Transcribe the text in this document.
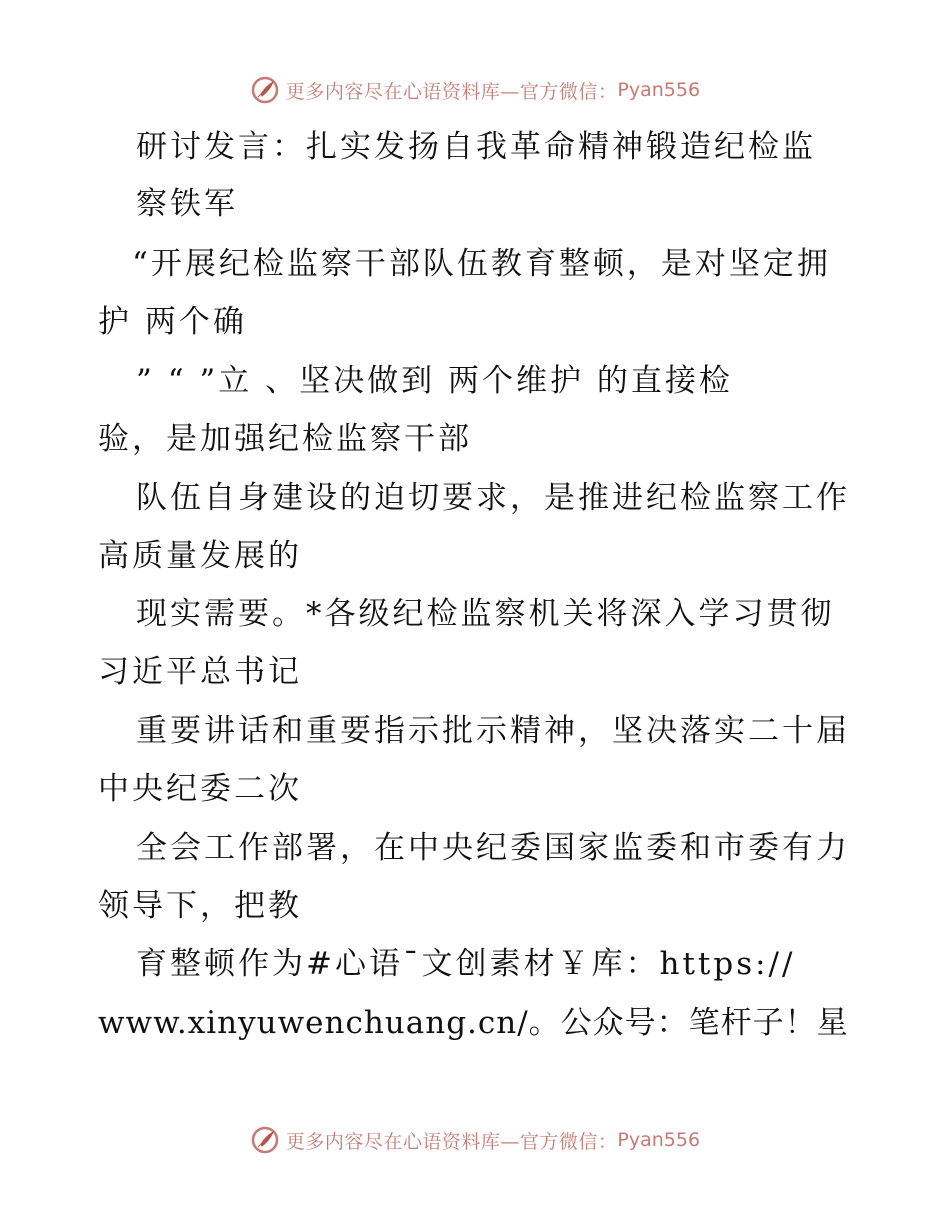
更多内容尽在心语资料库—官方微信： Pyan556
研讨发言：扎实发扬自我革命精神锻造纪检监
察铁军
“开展纪检监察干部队伍教育整顿，是对坚定拥
护 两个确
” “ ”立 、坚决做到 两个维护 的直接检
验，是加强纪检监察干部
队伍自身建设的迫切要求，是推进纪检监察工作
高质量发展的
现实需要。*各级纪检监察机关将深入学习贯彻
习近平总书记
重要讲话和重要指示批示精神，坚决落实二十届
中央纪委二次
全会工作部署，在中央纪委国家监委和市委有力
领导下，把教
育整顿作为#心语¯文创素材￥库：https://
www.xinyuwenchuang.cn/。公众号：笔杆子！星
更多内容尽在心语资料库—官方微信： Pyan556
